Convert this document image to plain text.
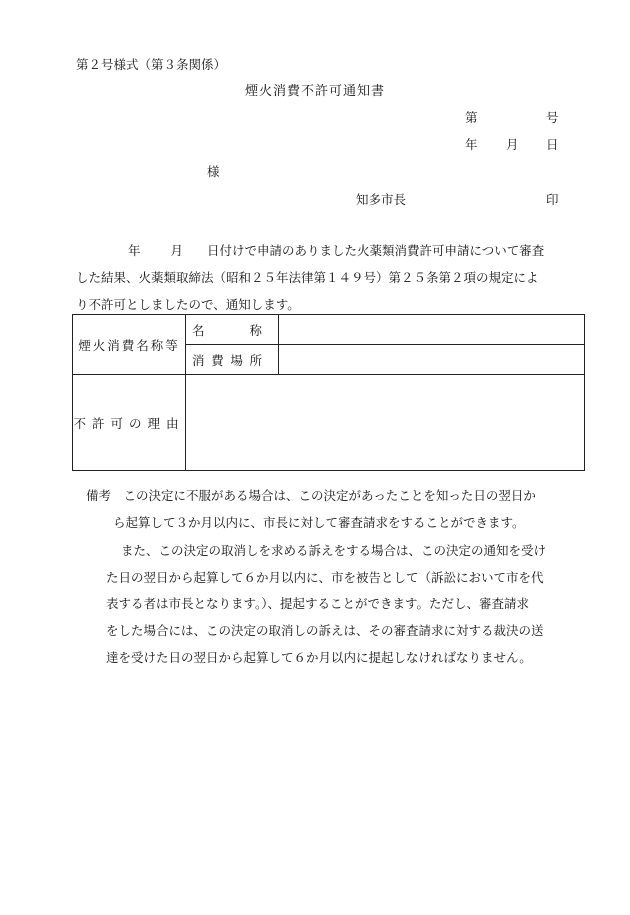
第２号様式（第３条関係）
煙火消費不許可通知書
第	号
年 月 日
様
知多市長	印
年 月 日付けで申請のありました火薬類消費許可申請について審査
した結果、火薬類取締法（昭和２５年法律第１４９号）第２５条第２項の規定によ
り不許可としましたので、通知します。
煙火消費名称等	名 称	

	消 費 場 所	

不許可の理由		
備考　この決定に不服がある場合は、この決定があったことを知った日の翌日か
ら起算して３か月以内に、市長に対して審査請求をすることができます。
また、この決定の取消しを求める訴えをする場合は、この決定の通知を受け
た日の翌日から起算して６か月以内に、市を被告として（訴訟において市を代
表する者は市長となります。）、提起することができます。ただし、審査請求
をした場合には、この決定の取消しの訴えは、その審査請求に対する裁決の送
達を受けた日の翌日から起算して６か月以内に提起しなければなりません。
